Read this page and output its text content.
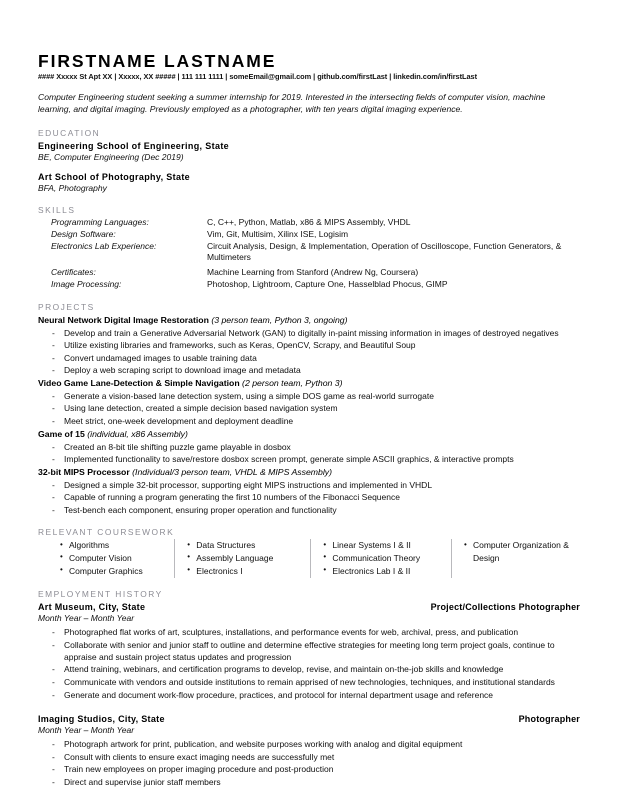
FIRSTNAME LASTNAME
#### Xxxxx St Apt XX | Xxxxx, XX ##### | 111 111 1111 | someEmail@gmail.com | github.com/firstLast | linkedin.com/in/firstLast
Computer Engineering student seeking a summer internship for 2019. Interested in the intersecting fields of computer vision, machine learning, and digital imaging. Previously employed as a photographer, with ten years digital imaging experience.
EDUCATION
Engineering School of Engineering, State
BE, Computer Engineering (Dec 2019)
Art School of Photography, State
BFA, Photography
SKILLS
Programming Languages:	C, C++, Python, Matlab, x86 & MIPS Assembly, VHDL
Design Software:	Vim, Git, Multisim, Xilinx ISE, Logisim
Electronics Lab Experience:	Circuit Analysis, Design, & Implementation, Operation of Oscilloscope, Function Generators, & Multimeters
Certificates:	Machine Learning from Stanford (Andrew Ng, Coursera)
Image Processing:	Photoshop, Lightroom, Capture One, Hasselblad Phocus, GIMP
PROJECTS
Neural Network Digital Image Restoration (3 person team, Python 3, ongoing)
- Develop and train a Generative Adversarial Network (GAN) to digitally in-paint missing information in images of destroyed negatives
- Utilize existing libraries and frameworks, such as Keras, OpenCV, Scrapy, and Beautiful Soup
- Convert undamaged images to usable training data
- Deploy a web scraping script to download image and metadata
Video Game Lane-Detection & Simple Navigation (2 person team, Python 3)
- Generate a vision-based lane detection system, using a simple DOS game as real-world surrogate
- Using lane detection, created a simple decision based navigation system
- Meet strict, one-week development and deployment deadline
Game of 15 (individual, x86 Assembly)
- Created an 8-bit tile shifting puzzle game playable in dosbox
- Implemented functionality to save/restore dosbox screen prompt, generate simple ASCII graphics, & interactive prompts
32-bit MIPS Processor (Individual/3 person team, VHDL & MIPS Assembly)
- Designed a simple 32-bit processor, supporting eight MIPS instructions and implemented in VHDL
- Capable of running a program generating the first 10 numbers of the Fibonacci Sequence
- Test-bench each component, ensuring proper operation and functionality
RELEVANT COURSEWORK
• Algorithms
• Computer Vision
• Computer Graphics
• Data Structures
• Assembly Language
• Electronics I
• Linear Systems I & II
• Communication Theory
• Electronics Lab I & II
• Computer Organization & Design
EMPLOYMENT HISTORY
Art Museum, City, State	Project/Collections Photographer
Month Year – Month Year
- Photographed flat works of art, sculptures, installations, and performance events for web, archival, press, and publication
- Collaborate with senior and junior staff to outline and determine effective strategies for meeting long term project goals, continue to appraise and sustain project status updates and progression
- Attend training, webinars, and certification programs to develop, revise, and maintain on-the-job skills and knowledge
- Communicate with vendors and outside institutions to remain apprised of new technologies, techniques, and institutional standards
- Generate and document work-flow procedure, practices, and protocol for internal department usage and reference
Imaging Studios, City, State	Photographer
Month Year – Month Year
- Photograph artwork for print, publication, and website purposes working with analog and digital equipment
- Consult with clients to ensure exact imaging needs are successfully met
- Train new employees on proper imaging procedure and post-production
- Direct and supervise junior staff members
